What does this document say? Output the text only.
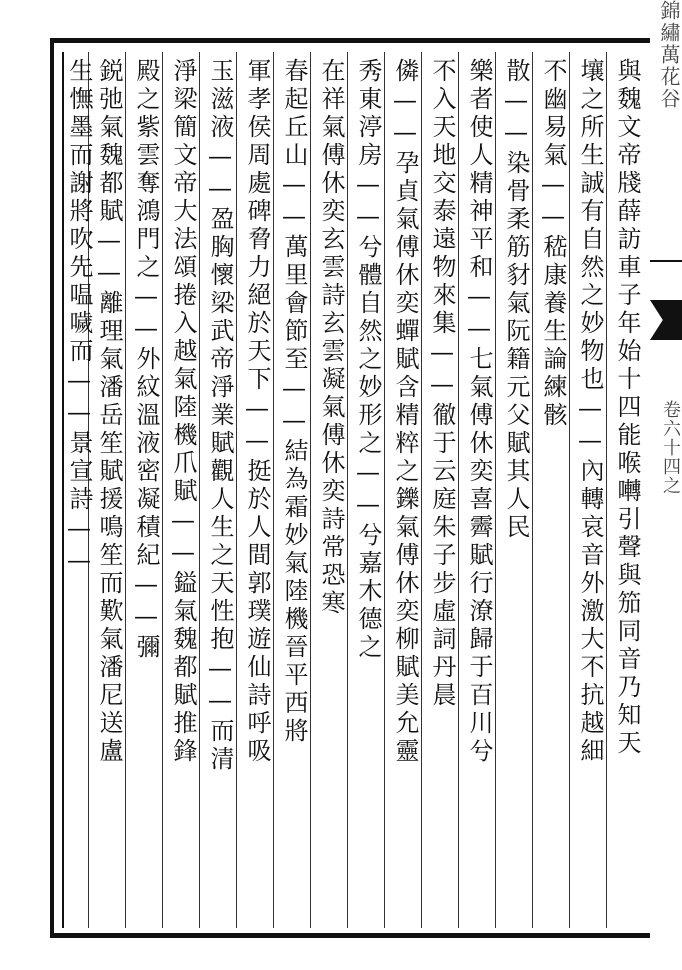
與魏文帝牋薛訪車子年始十四能喉囀引聲與笳同音乃知天
壤之所生誠有自然之妙物也——內轉哀音外激大不抗越細
不幽易氣——嵇康養生論練骸
散——染骨柔筋豺氣阮籍元父賦其人民
樂者使人精神平和——七氣傅休奕喜霽賦行潦歸于百川兮
不入天地交泰遠物來集——徹于云庭朱子步虛詞丹晨
僯——孕貞氣傅休奕蟬賦含精粹之鑠氣傅休奕柳賦美允靈
秀東渟房——兮體自然之妙形之——兮嘉木德之
在祥氣傅休奕玄雲詩玄雲凝氣傅休奕詩常恐寒
春起丘山——萬里會節至——結為霜妙氣陸機晉平西將
軍孝侯周處碑脅力絕於天下——挺於人間郭璞遊仙詩呼吸
玉滋液——盈胸懷梁武帝淨業賦觀人生之天性抱——而清
淨梁簡文帝大法頌捲入越氣陸機爪賦——鎰氣魏都賦推鋒
殿之紫雲奪鴻門之——外紋溫液密凝積紀——彌
鋭弛氣魏都賦——離理氣潘岳笙賦援鳴笙而歎氣潘尼送盧
生憮墨而謝將吹先嗢噦而——景宣詩——
錦繡萬花谷
卷六十四之
